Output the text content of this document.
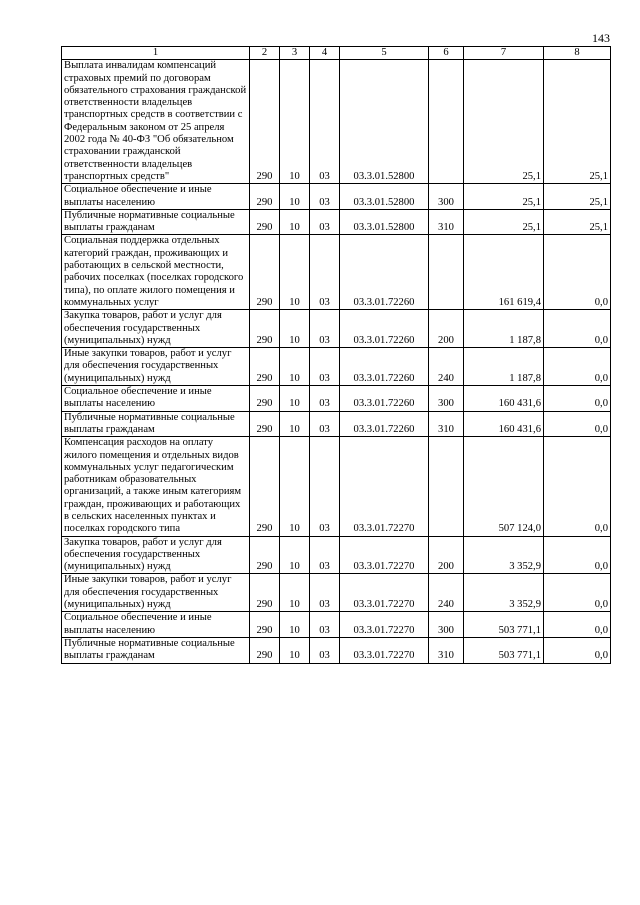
143
1	2	3	4	5	6	7	8
Выплата инвалидам компенсаций страховых премий по договорам обязательного страхования гражданской ответственности владельцев транспортных средств в соответствии с Федеральным законом от 25 апреля 2002 года № 40-ФЗ "Об обязательном страховании гражданской ответственности владельцев транспортных средств"	290	10	03	03.3.01.52800		25,1	25,1
Социальное обеспечение и иные выплаты населению	290	10	03	03.3.01.52800	300	25,1	25,1
Публичные нормативные социальные выплаты гражданам	290	10	03	03.3.01.52800	310	25,1	25,1
Социальная поддержка отдельных категорий граждан, проживающих и работающих в сельской местности, рабочих поселках (поселках городского типа), по оплате жилого помещения и коммунальных услуг	290	10	03	03.3.01.72260		161 619,4	0,0
Закупка товаров, работ и услуг для обеспечения государственных (муниципальных) нужд	290	10	03	03.3.01.72260	200	1 187,8	0,0
Иные закупки товаров, работ и услуг для обеспечения государственных (муниципальных) нужд	290	10	03	03.3.01.72260	240	1 187,8	0,0
Социальное обеспечение и иные выплаты населению	290	10	03	03.3.01.72260	300	160 431,6	0,0
Публичные нормативные социальные выплаты гражданам	290	10	03	03.3.01.72260	310	160 431,6	0,0
Компенсация расходов на оплату жилого помещения и отдельных видов коммунальных услуг педагогическим работникам образовательных организаций, а также иным категориям граждан, проживающих и работающих в сельских населенных пунктах и поселках городского типа	290	10	03	03.3.01.72270		507 124,0	0,0
Закупка товаров, работ и услуг для обеспечения государственных (муниципальных) нужд	290	10	03	03.3.01.72270	200	3 352,9	0,0
Иные закупки товаров, работ и услуг для обеспечения государственных (муниципальных) нужд	290	10	03	03.3.01.72270	240	3 352,9	0,0
Социальное обеспечение и иные выплаты населению	290	10	03	03.3.01.72270	300	503 771,1	0,0
Публичные нормативные социальные выплаты гражданам	290	10	03	03.3.01.72270	310	503 771,1	0,0
